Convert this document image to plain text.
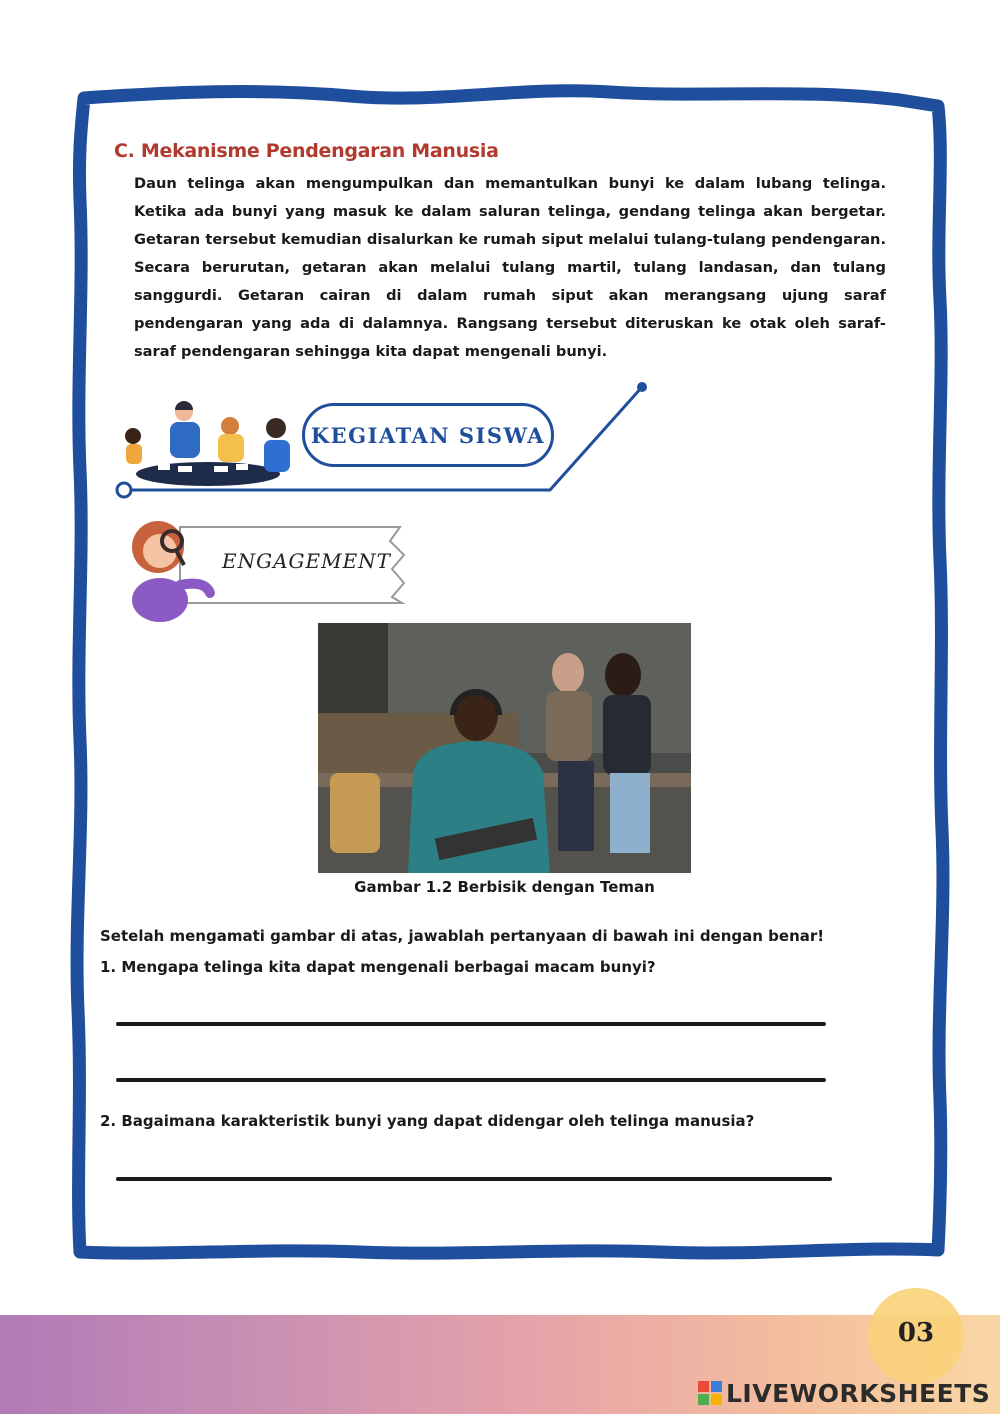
C. Mekanisme Pendengaran Manusia
Daun telinga akan mengumpulkan dan memantulkan bunyi ke dalam lubang telinga. Ketika ada bunyi yang masuk ke dalam saluran telinga, gendang telinga akan bergetar. Getaran tersebut kemudian disalurkan ke rumah siput melalui tulang-tulang pendengaran. Secara berurutan, getaran akan melalui tulang martil, tulang landasan, dan tulang sanggurdi. Getaran cairan di dalam rumah siput akan merangsang ujung saraf pendengaran yang ada di dalamnya. Rangsang tersebut diteruskan ke otak oleh saraf-saraf pendengaran sehingga kita dapat mengenali bunyi.
KEGIATAN SISWA
ENGAGEMENT
Gambar 1.2 Berbisik dengan Teman
Setelah mengamati gambar di atas, jawablah pertanyaan di bawah ini dengan benar!
1. Mengapa telinga kita dapat mengenali berbagai macam bunyi?
2. Bagaimana karakteristik bunyi yang dapat didengar oleh telinga manusia?
03
LIVEWORKSHEETS
